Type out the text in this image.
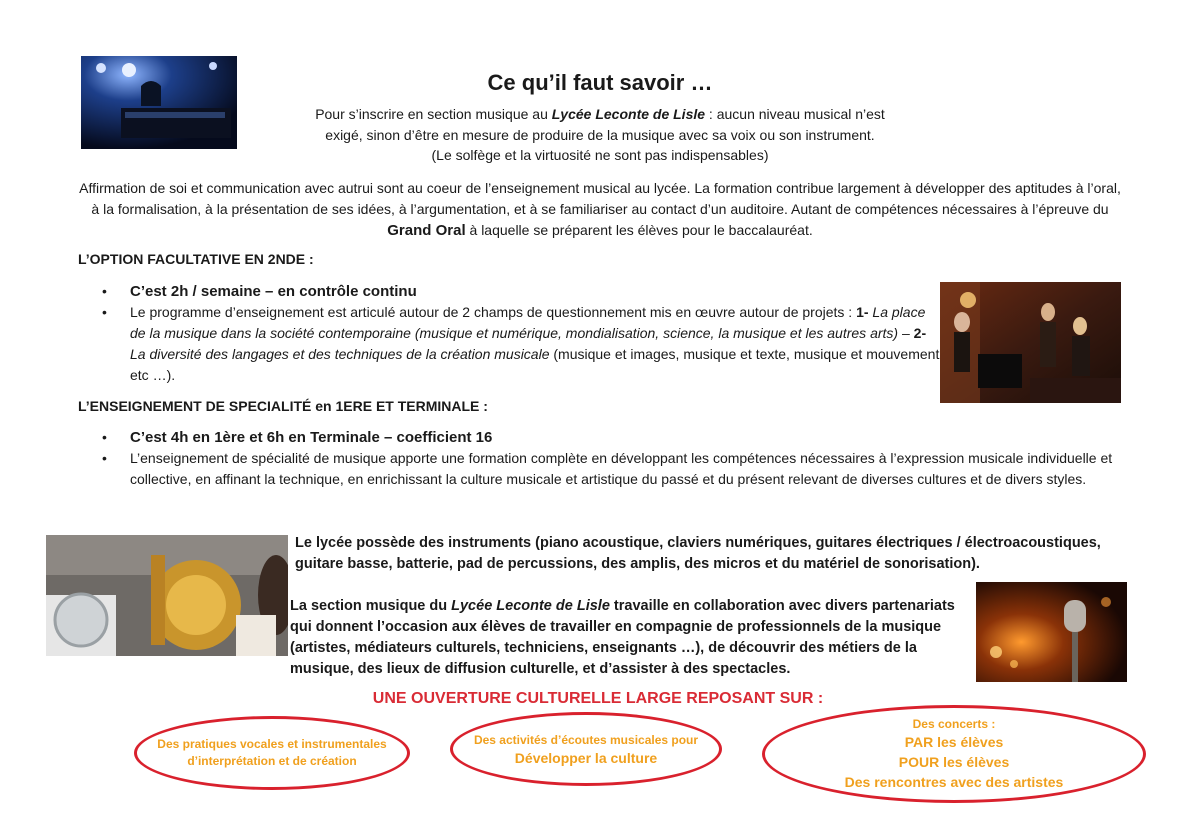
Ce qu’il faut savoir …
Pour s’inscrire en section musique au Lycée Leconte de Lisle : aucun niveau musical n’est
exigé, sinon d’être en mesure de produire de la musique avec sa voix ou son instrument.
(Le solfège et la virtuosité ne sont pas indispensables)
Affirmation de soi et communication avec autrui sont au coeur de l’enseignement musical au lycée. La formation contribue largement à développer des aptitudes à l’oral, à la formalisation, à la présentation de ses idées, à l’argumentation, et à se familiariser au contact d’un auditoire. Autant de compétences nécessaires à l’épreuve du Grand Oral à laquelle se préparent les élèves pour le baccalauréat.
L’OPTION FACULTATIVE EN 2NDE :
• C’est 2h / semaine – en contrôle continu
• Le programme d’enseignement est articulé autour de 2 champs de questionnement mis en œuvre autour de projets : 1- La place de la musique dans la société contemporaine (musique et numérique, mondialisation, science, la musique et les autres arts) – 2- La diversité des langages et des techniques de la création musicale (musique et images, musique et texte, musique et mouvement etc …).
L’ENSEIGNEMENT DE SPECIALITÉ en 1ERE ET TERMINALE :
• C’est 4h en 1ère et 6h en Terminale – coefficient 16
• L’enseignement de spécialité de musique apporte une formation complète en développant les compétences nécessaires à l’expression musicale individuelle et collective, en affinant la technique, en enrichissant la culture musicale et artistique du passé et du présent relevant de diverses cultures et de divers styles.
Le lycée possède des instruments (piano acoustique, claviers numériques, guitares électriques / électroacoustiques, guitare basse, batterie, pad de percussions, des amplis, des micros et du matériel de sonorisation).
La section musique du Lycée Leconte de Lisle travaille en collaboration avec divers partenariats qui donnent l’occasion aux élèves de travailler en compagnie de professionnels de la musique (artistes, médiateurs culturels, techniciens, enseignants …), de découvrir des métiers de la musique, des lieux de diffusion culturelle, et d’assister à des spectacles.
UNE OUVERTURE CULTURELLE LARGE REPOSANT SUR :
Des pratiques vocales et instrumentales
d’interprétation et de création
Des activités d’écoutes musicales pour
Développer la culture
Des concerts :
PAR les élèves
POUR les élèves
Des rencontres avec des artistes
